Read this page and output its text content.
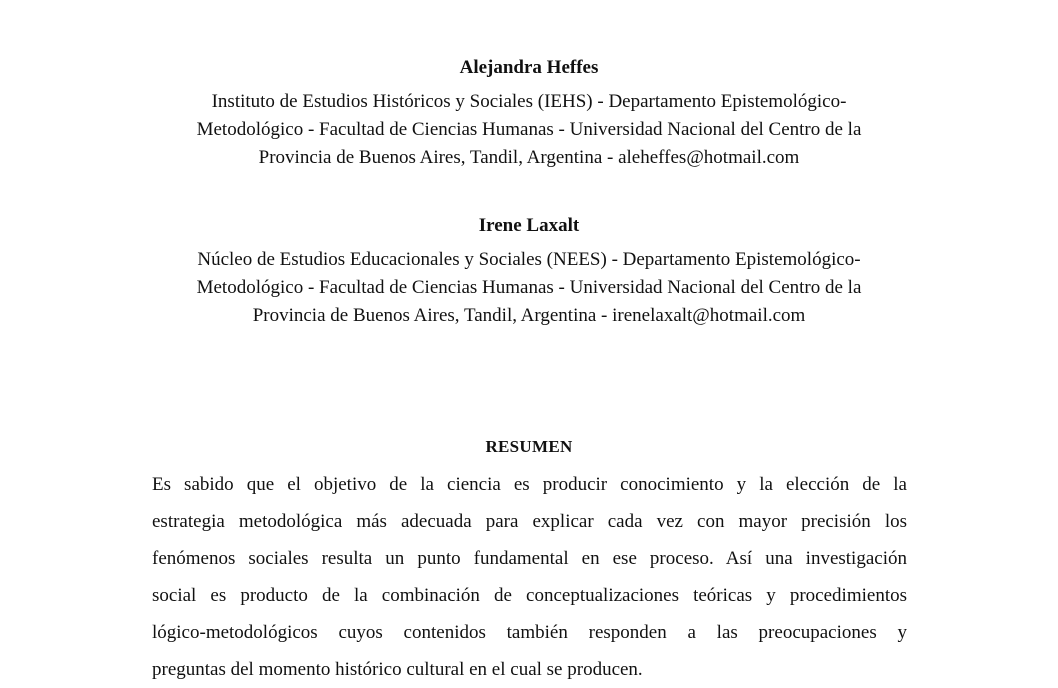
Alejandra Heffes
Instituto de Estudios Históricos y Sociales (IEHS) - Departamento Epistemológico-
Metodológico - Facultad de Ciencias Humanas - Universidad Nacional del Centro de la
Provincia de Buenos Aires, Tandil, Argentina - aleheffes@hotmail.com
Irene Laxalt
Núcleo de Estudios Educacionales y Sociales (NEES) - Departamento Epistemológico-
Metodológico - Facultad de Ciencias Humanas - Universidad Nacional del Centro de la
Provincia de Buenos Aires, Tandil, Argentina - irenelaxalt@hotmail.com
RESUMEN
Es sabido que el objetivo de la ciencia es producir conocimiento y la elección de la
estrategia metodológica más adecuada para explicar cada vez con mayor precisión los
fenómenos sociales resulta un punto fundamental en ese proceso. Así una investigación
social es producto de la combinación de conceptualizaciones teóricas y procedimientos
lógico-metodológicos cuyos contenidos también responden a las preocupaciones y
preguntas del momento histórico cultural en el cual se producen.
